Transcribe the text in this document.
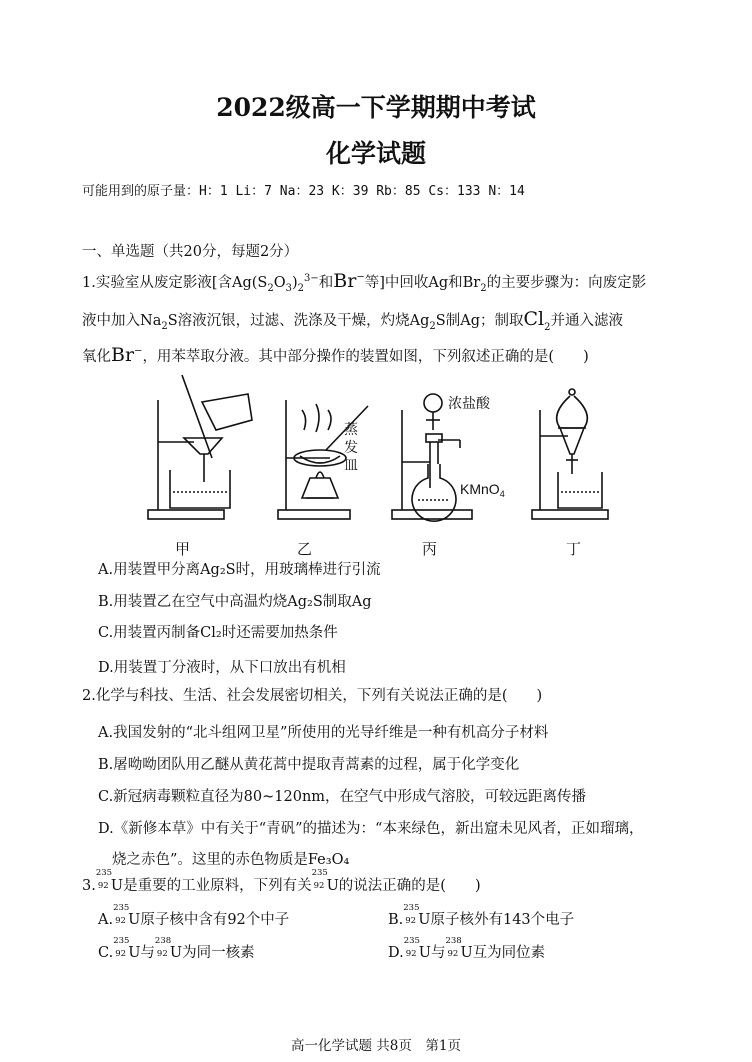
2022级高一下学期期中考试
化学试题
可能用到的原子量：H：1 Li：7 Na：23 K：39 Rb：85 Cs：133 N：14
一、单选题（共20分，每题2分）
1.实验室从废定影液[含$Ag(S_2O_3)_2^{3-}$和Br−等]中回收Ag和$Br_2$的主要步骤为：向废定影
液中加入$Na_2S$溶液沉银，过滤、洗涤及干燥，灼烧$Ag_2S$制Ag；制取$Cl_2$并通入滤液
氧化Br−，用苯萃取分液。其中部分操作的装置如图，下列叙述正确的是(　　)
蒸
发
皿
浓盐酸
KMnO$_4$
甲	乙	丙	丁
A.用装置甲分离Ag₂S时，用玻璃棒进行引流
B.用装置乙在空气中高温灼烧Ag₂S制取Ag
C.用装置丙制备Cl₂时还需要加热条件
D.用装置丁分液时，从下口放出有机相
2.化学与科技、生活、社会发展密切相关，下列有关说法正确的是(　　)
A.我国发射的“北斗组网卫星”所使用的光导纤维是一种有机高分子材料
B.屠呦呦团队用乙醚从黄花蒿中提取青蒿素的过程，属于化学变化
C.新冠病毒颗粒直径为80~120nm，在空气中形成气溶胶，可较远距离传播
D.《新修本草》中有关于“青矾”的描述为：“本来绿色，新出窟未见风者，正如瑠璃，
烧之赤色”。这里的赤色物质是Fe₃O₄
3.
235
92 U是重要的工业原料，下列有关
235
92 U的说法正确的是(　　)
A.
235
92 U原子核中含有92个中子	B.
235
92 U原子核外有143个电子
C.
235
92 U与
238
92 U为同一核素	D.
235
92 U与
238
92 U互为同位素
高一化学试题 共8页　第1页
